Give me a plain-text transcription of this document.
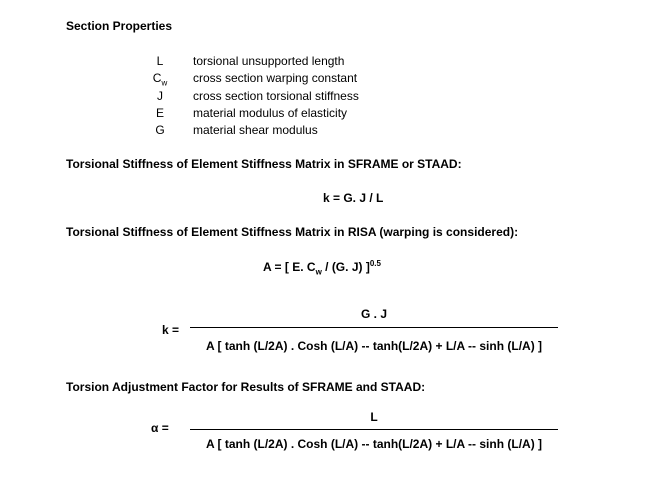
Section Properties
L	torsional unsupported length
$C_w$	cross section warping constant
J	cross section torsional stiffness
E	material modulus of elasticity
G	material shear modulus
Torsional Stiffness of Element Stiffness Matrix in SFRAME or STAAD:
k = G. J / L
Torsional Stiffness of Element Stiffness Matrix in RISA (warping is considered):
A = [ E. $C_w / (G$. J) ]$^{0.5}$
k =
G . J
A [ tanh (L/2A) . Cosh (L/A) -- tanh(L/2A) + L/A -- sinh (L/A) ]
Torsion Adjustment Factor for Results of SFRAME and STAAD:
α =
L
A [ tanh (L/2A) . Cosh (L/A) -- tanh(L/2A) + L/A -- sinh (L/A) ]
